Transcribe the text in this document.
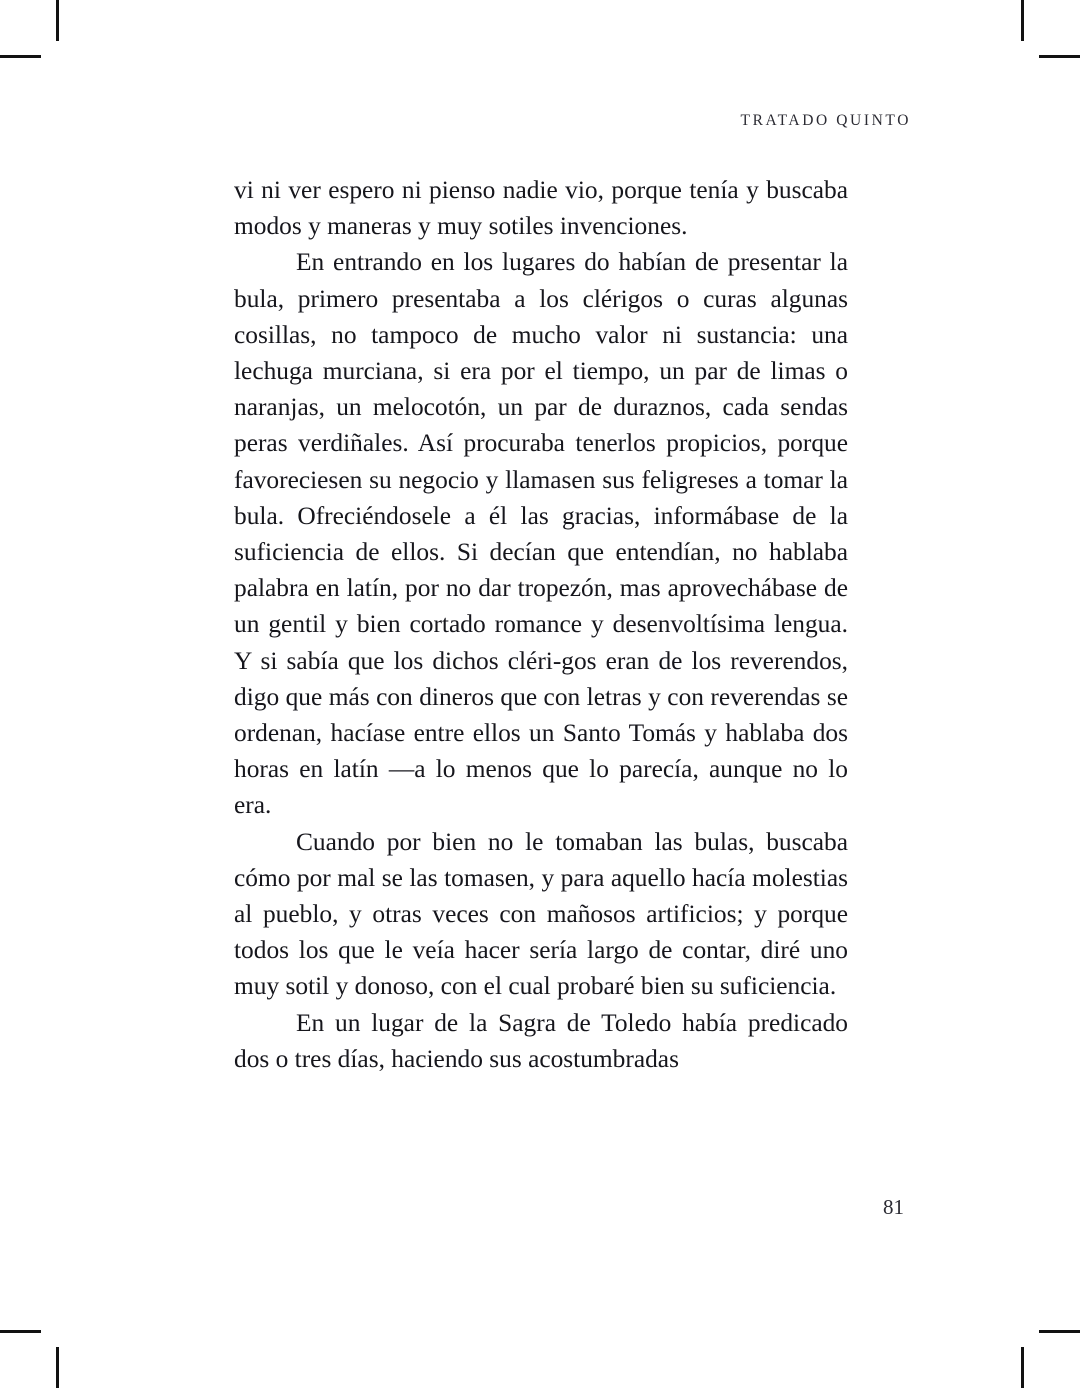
TRATADO QUINTO

vi ni ver espero ni pienso nadie vio, porque tenía y buscaba modos y maneras y muy sotiles invenciones.

En entrando en los lugares do habían de presentar la bula, primero presentaba a los clérigos o curas algunas cosillas, no tampoco de mucho valor ni sustancia: una lechuga murciana, si era por el tiempo, un par de limas o naranjas, un melocotón, un par de duraznos, cada sendas peras verdiñales. Así procuraba tenerlos propicios, porque favoreciesen su negocio y llamasen sus feligreses a tomar la bula. Ofreciéndosele a él las gracias, informábase de la suficiencia de ellos. Si decían que entendían, no hablaba palabra en latín, por no dar tropezón, mas aprovechábase de un gentil y bien cortado romance y desenvoltísima lengua. Y si sabía que los dichos cléri-gos eran de los reverendos, digo que más con dineros que con letras y con reverendas se ordenan, hacíase entre ellos un Santo Tomás y hablaba dos horas en latín —a lo menos que lo parecía, aunque no lo era.

Cuando por bien no le tomaban las bulas, buscaba cómo por mal se las tomasen, y para aquello hacía molestias al pueblo, y otras veces con mañosos artificios; y porque todos los que le veía hacer sería largo de contar, diré uno muy sotil y donoso, con el cual probaré bien su suficiencia.

En un lugar de la Sagra de Toledo había predicado dos o tres días, haciendo sus acostumbradas

81
